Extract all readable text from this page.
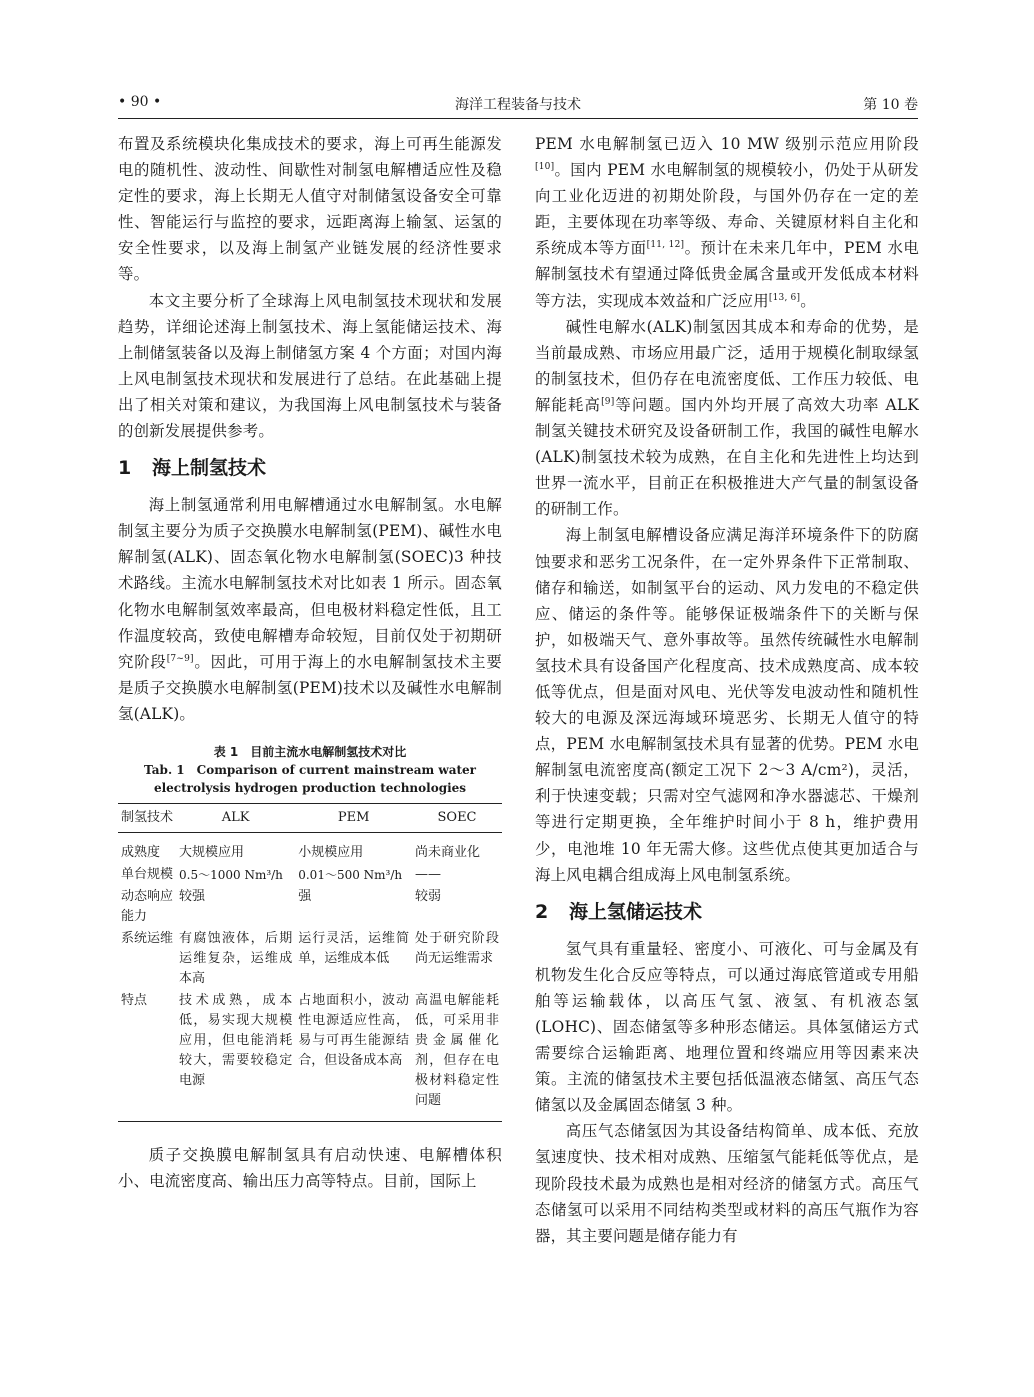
• 90 •	海洋工程装备与技术	第 10 卷

布置及系统模块化集成技术的要求，海上可再生能源发电的随机性、波动性、间歇性对制氢电解槽适应性及稳定性的要求，海上长期无人值守对制储氢设备安全可靠性、智能运行与监控的要求，远距离海上输氢、运氢的安全性要求，以及海上制氢产业链发展的经济性要求等。

本文主要分析了全球海上风电制氢技术现状和发展趋势，详细论述海上制氢技术、海上氢能储运技术、海上制储氢装备以及海上制储氢方案 4 个方面；对国内海上风电制氢技术现状和发展进行了总结。在此基础上提出了相关对策和建议，为我国海上风电制氢技术与装备的创新发展提供参考。

1 海上制氢技术

海上制氢通常利用电解槽通过水电解制氢。水电解制氢主要分为质子交换膜水电解制氢(PEM)、碱性水电解制氢(ALK)、固态氧化物水电解制氢(SOEC)3 种技术路线。主流水电解制氢技术对比如表 1 所示。固态氧化物水电解制氢效率最高，但电极材料稳定性低，且工作温度较高，致使电解槽寿命较短，目前仅处于初期研究阶段[7~9]。因此，可用于海上的水电解制氢技术主要是质子交换膜水电解制氢(PEM)技术以及碱性水电解制氢(ALK)。

表 1　目前主流水电解制氢技术对比
Tab. 1　Comparison of current mainstream water electrolysis hydrogen production technologies
制氢技术	ALK	PEM	SOEC
成熟度	大规模应用	小规模应用	尚未商业化
单台规模	0.5～1000 Nm³/h	0.01～500 Nm³/h	——
动态响应能力	较强	强	较弱
系统运维	有腐蚀液体，后期运维复杂，运维成本高	运行灵活，运维简单，运维成本低	处于研究阶段 尚无运维需求
特点	技术成熟，成本低，易实现大规模应用，但电能消耗较大，需要较稳定电源	占地面积小，波动性电源适应性高，易与可再生能源结合，但设备成本高	高温电解能耗低，可采用非贵金属催化剂，但存在电极材料稳定性问题

质子交换膜电解制氢具有启动快速、电解槽体积小、电流密度高、输出压力高等特点。目前，国际上

PEM 水电解制氢已迈入 10 MW 级别示范应用阶段[10]。国内 PEM 水电解制氢的规模较小，仍处于从研发向工业化迈进的初期处阶段，与国外仍存在一定的差距，主要体现在功率等级、寿命、关键原材料自主化和系统成本等方面[11, 12]。预计在未来几年中，PEM 水电解制氢技术有望通过降低贵金属含量或开发低成本材料等方法，实现成本效益和广泛应用[13, 6]。

碱性电解水(ALK)制氢因其成本和寿命的优势，是当前最成熟、市场应用最广泛，适用于规模化制取绿氢的制氢技术，但仍存在电流密度低、工作压力较低、电解能耗高[9]等问题。国内外均开展了高效大功率 ALK 制氢关键技术研究及设备研制工作，我国的碱性电解水(ALK)制氢技术较为成熟，在自主化和先进性上均达到世界一流水平，目前正在积极推进大产气量的制氢设备的研制工作。

海上制氢电解槽设备应满足海洋环境条件下的防腐蚀要求和恶劣工况条件，在一定外界条件下正常制取、储存和输送，如制氢平台的运动、风力发电的不稳定供应、储运的条件等。能够保证极端条件下的关断与保护，如极端天气、意外事故等。虽然传统碱性水电解制氢技术具有设备国产化程度高、技术成熟度高、成本较低等优点，但是面对风电、光伏等发电波动性和随机性较大的电源及深远海域环境恶劣、长期无人值守的特点，PEM 水电解制氢技术具有显著的优势。PEM 水电解制氢电流密度高(额定工况下 2～3 A/cm²)，灵活，利于快速变载；只需对空气滤网和净水器滤芯、干燥剂等进行定期更换，全年维护时间小于 8 h，维护费用少，电池堆 10 年无需大修。这些优点使其更加适合与海上风电耦合组成海上风电制氢系统。

2 海上氢储运技术

氢气具有重量轻、密度小、可液化、可与金属及有机物发生化合反应等特点，可以通过海底管道或专用船舶等运输载体，以高压气氢、液氢、有机液态氢(LOHC)、固态储氢等多种形态储运。具体氢储运方式需要综合运输距离、地理位置和终端应用等因素来决策。主流的储氢技术主要包括低温液态储氢、高压气态储氢以及金属固态储氢 3 种。

高压气态储氢因为其设备结构简单、成本低、充放氢速度快、技术相对成熟、压缩氢气能耗低等优点，是现阶段技术最为成熟也是相对经济的储氢方式。高压气态储氢可以采用不同结构类型或材料的高压气瓶作为容器，其主要问题是储存能力有
